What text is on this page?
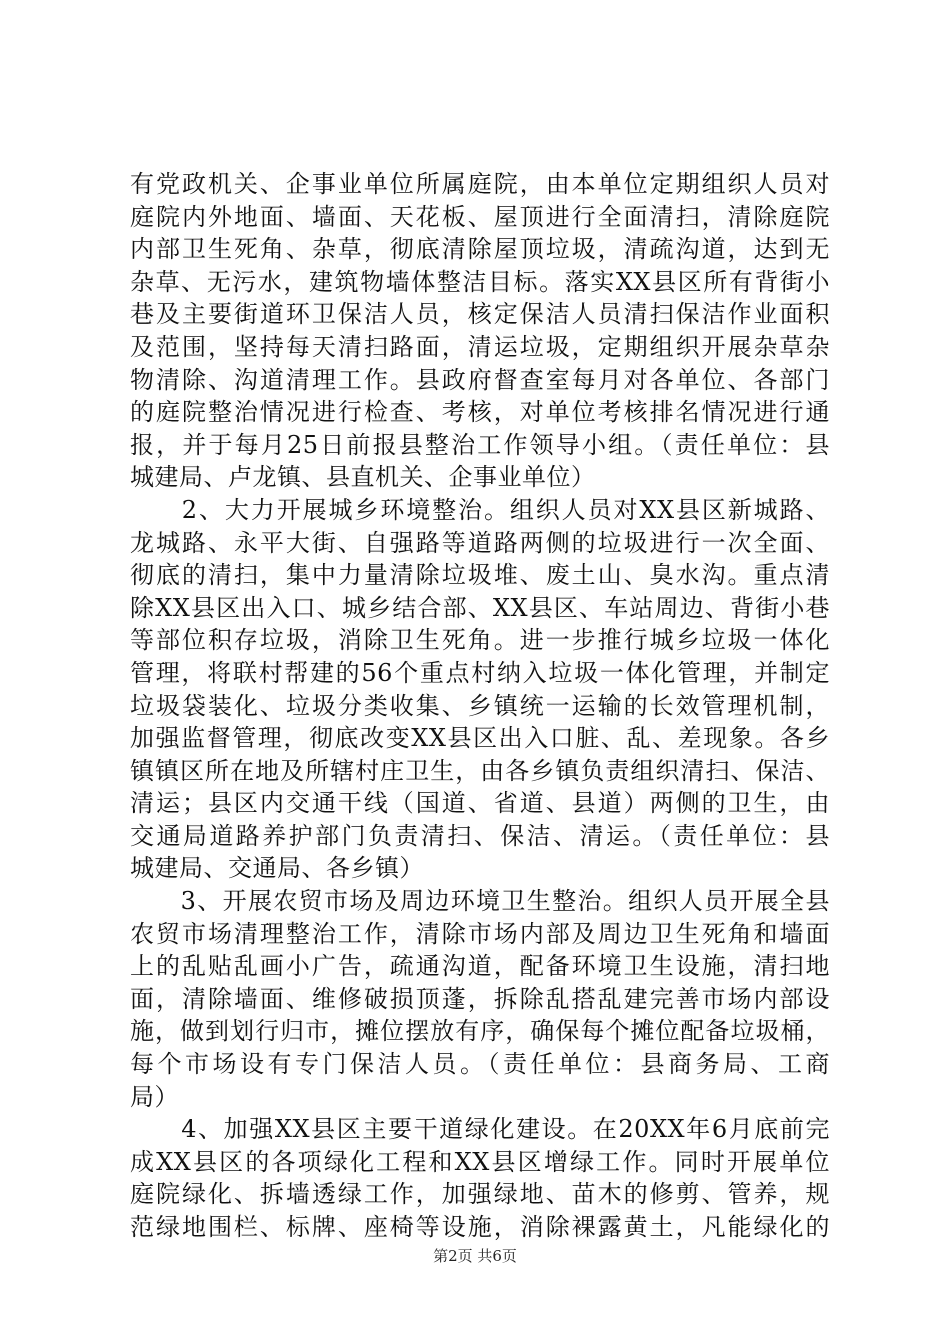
有党政机关、企事业单位所属庭院，由本单位定期组织人员对
庭院内外地面、墙面、天花板、屋顶进行全面清扫，清除庭院
内部卫生死角、杂草，彻底清除屋顶垃圾，清疏沟道，达到无
杂草、无污水，建筑物墙体整洁目标。落实XX县区所有背街小
巷及主要街道环卫保洁人员，核定保洁人员清扫保洁作业面积
及范围，坚持每天清扫路面，清运垃圾，定期组织开展杂草杂
物清除、沟道清理工作。县政府督查室每月对各单位、各部门
的庭院整治情况进行检查、考核，对单位考核排名情况进行通
报，并于每月25日前报县整治工作领导小组。（责任单位：县
城建局、卢龙镇、县直机关、企事业单位）
　　2、大力开展城乡环境整治。组织人员对XX县区新城路、
龙城路、永平大街、自强路等道路两侧的垃圾进行一次全面、
彻底的清扫，集中力量清除垃圾堆、废土山、臭水沟。重点清
除XX县区出入口、城乡结合部、XX县区、车站周边、背街小巷
等部位积存垃圾，消除卫生死角。进一步推行城乡垃圾一体化
管理，将联村帮建的56个重点村纳入垃圾一体化管理，并制定
垃圾袋装化、垃圾分类收集、乡镇统一运输的长效管理机制，
加强监督管理，彻底改变XX县区出入口脏、乱、差现象。各乡
镇镇区所在地及所辖村庄卫生，由各乡镇负责组织清扫、保洁、
清运；县区内交通干线（国道、省道、县道）两侧的卫生，由
交通局道路养护部门负责清扫、保洁、清运。（责任单位：县
城建局、交通局、各乡镇）
　　3、开展农贸市场及周边环境卫生整治。组织人员开展全县
农贸市场清理整治工作，清除市场内部及周边卫生死角和墙面
上的乱贴乱画小广告，疏通沟道，配备环境卫生设施，清扫地
面，清除墙面、维修破损顶蓬，拆除乱搭乱建完善市场内部设
施，做到划行归市，摊位摆放有序，确保每个摊位配备垃圾桶，
每个市场设有专门保洁人员。（责任单位：县商务局、工商
局）
　　4、加强XX县区主要干道绿化建设。在20XX年6月底前完
成XX县区的各项绿化工程和XX县区增绿工作。同时开展单位
庭院绿化、拆墙透绿工作，加强绿地、苗木的修剪、管养，规
范绿地围栏、标牌、座椅等设施，消除裸露黄土，凡能绿化的
第2页 共6页
